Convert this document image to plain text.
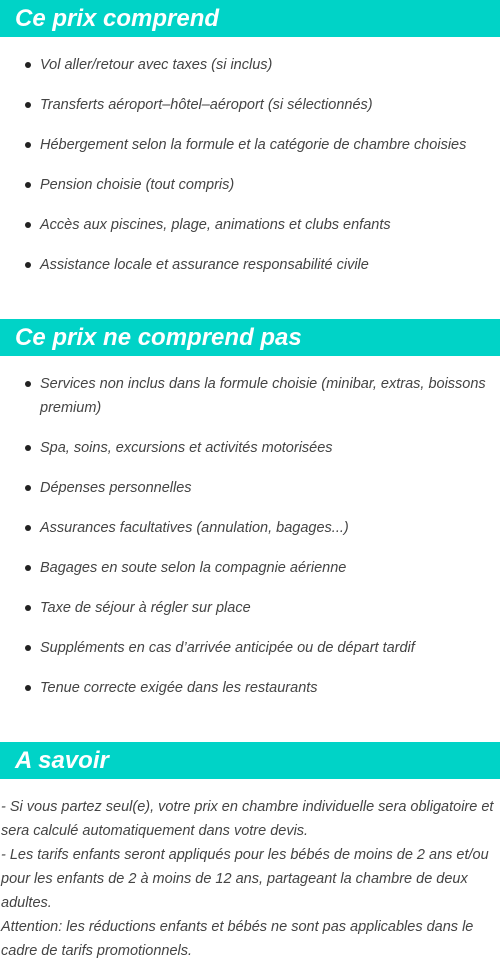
Ce prix comprend
Vol aller/retour avec taxes (si inclus)
Transferts aéroport–hôtel–aéroport (si sélectionnés)
Hébergement selon la formule et la catégorie de chambre choisies
Pension choisie (tout compris)
Accès aux piscines, plage, animations et clubs enfants
Assistance locale et assurance responsabilité civile
Ce prix ne comprend pas
Services non inclus dans la formule choisie (minibar, extras, boissons premium)
Spa, soins, excursions et activités motorisées
Dépenses personnelles
Assurances facultatives (annulation, bagages...)
Bagages en soute selon la compagnie aérienne
Taxe de séjour à régler sur place
Suppléments en cas d’arrivée anticipée ou de départ tardif
Tenue correcte exigée dans les restaurants
A savoir

- Si vous partez seul(e), votre prix en chambre individuelle sera obligatoire et sera calculé automatiquement dans votre devis.

- Les tarifs enfants seront appliqués pour les bébés de moins de 2 ans et/ou pour les enfants de 2 à moins de 12 ans, partageant la chambre de deux adultes.

Attention: les réductions enfants et bébés ne sont pas applicables dans le cadre de tarifs promotionnels.
